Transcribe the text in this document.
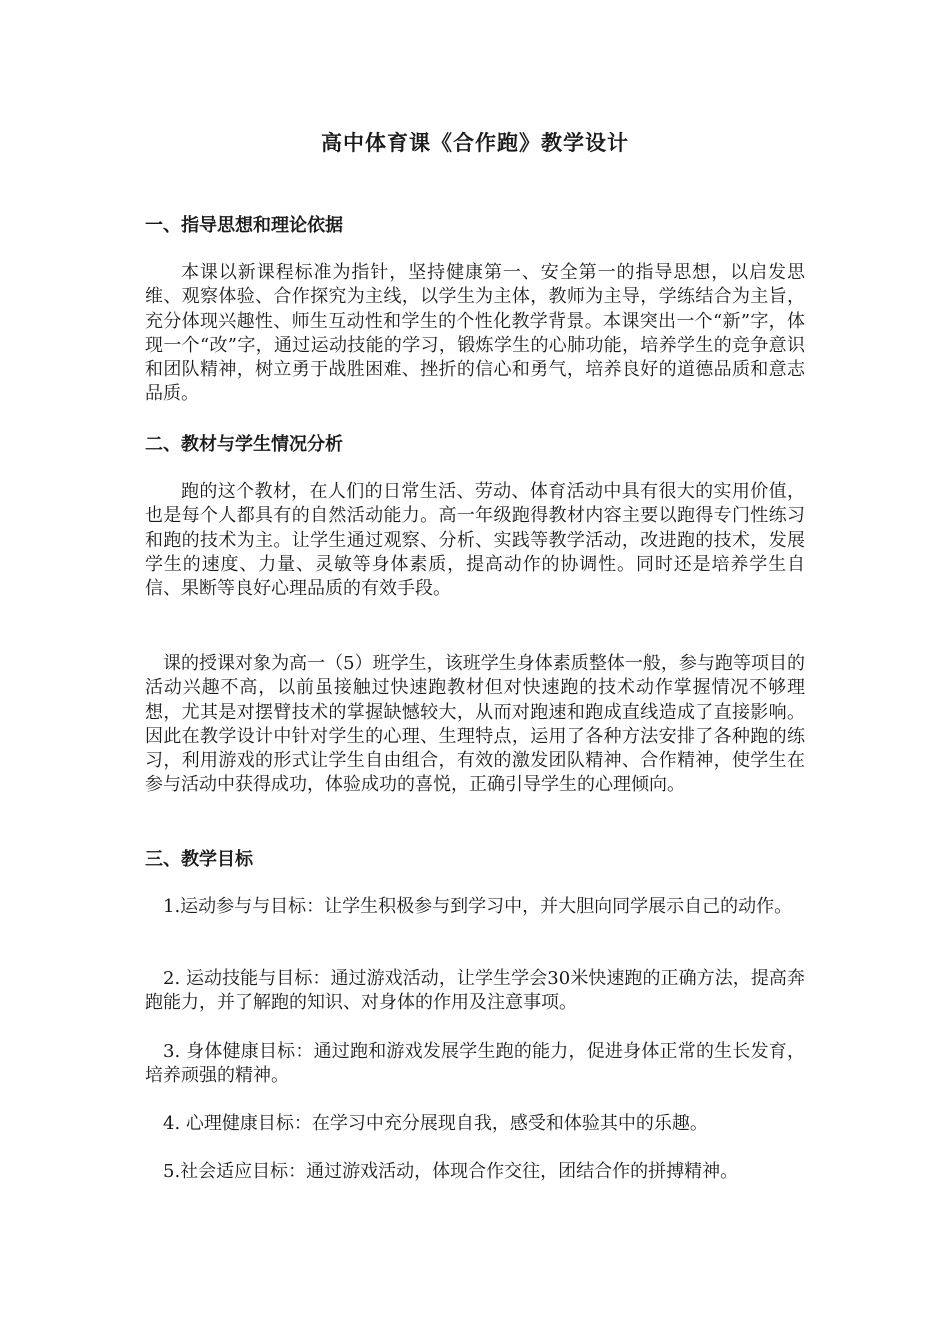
高中体育课《合作跑》教学设计
一、指导思想和理论依据

本课以新课程标准为指针，坚持健康第一、安全第一的指导思想，以启发思维、观察体验、合作探究为主线，以学生为主体，教师为主导，学练结合为主旨，充分体现兴趣性、师生互动性和学生的个性化教学背景。本课突出一个“新”字，体现一个“改”字，通过运动技能的学习，锻炼学生的心肺功能，培养学生的竞争意识和团队精神，树立勇于战胜困难、挫折的信心和勇气，培养良好的道德品质和意志品质。

二、教材与学生情况分析

跑的这个教材，在人们的日常生活、劳动、体育活动中具有很大的实用价值，也是每个人都具有的自然活动能力。高一年级跑得教材内容主要以跑得专门性练习和跑的技术为主。让学生通过观察、分析、实践等教学活动，改进跑的技术，发展学生的速度、力量、灵敏等身体素质，提高动作的协调性。同时还是培养学生自信、果断等良好心理品质的有效手段。

课的授课对象为高一（5）班学生，该班学生身体素质整体一般，参与跑等项目的活动兴趣不高，以前虽接触过快速跑教材但对快速跑的技术动作掌握情况不够理想，尤其是对摆臂技术的掌握缺憾较大，从而对跑速和跑成直线造成了直接影响。因此在教学设计中针对学生的心理、生理特点，运用了各种方法安排了各种跑的练习，利用游戏的形式让学生自由组合，有效的激发团队精神、合作精神，使学生在参与活动中获得成功，体验成功的喜悦，正确引导学生的心理倾向。

三、教学目标

1.运动参与与目标：让学生积极参与到学习中，并大胆向同学展示自己的动作。

2. 运动技能与目标：通过游戏活动，让学生学会30米快速跑的正确方法，提高奔跑能力，并了解跑的知识、对身体的作用及注意事项。

3. 身体健康目标：通过跑和游戏发展学生跑的能力，促进身体正常的生长发育，培养顽强的精神。

4. 心理健康目标：在学习中充分展现自我，感受和体验其中的乐趣。

5.社会适应目标：通过游戏活动，体现合作交往，团结合作的拼搏精神。
